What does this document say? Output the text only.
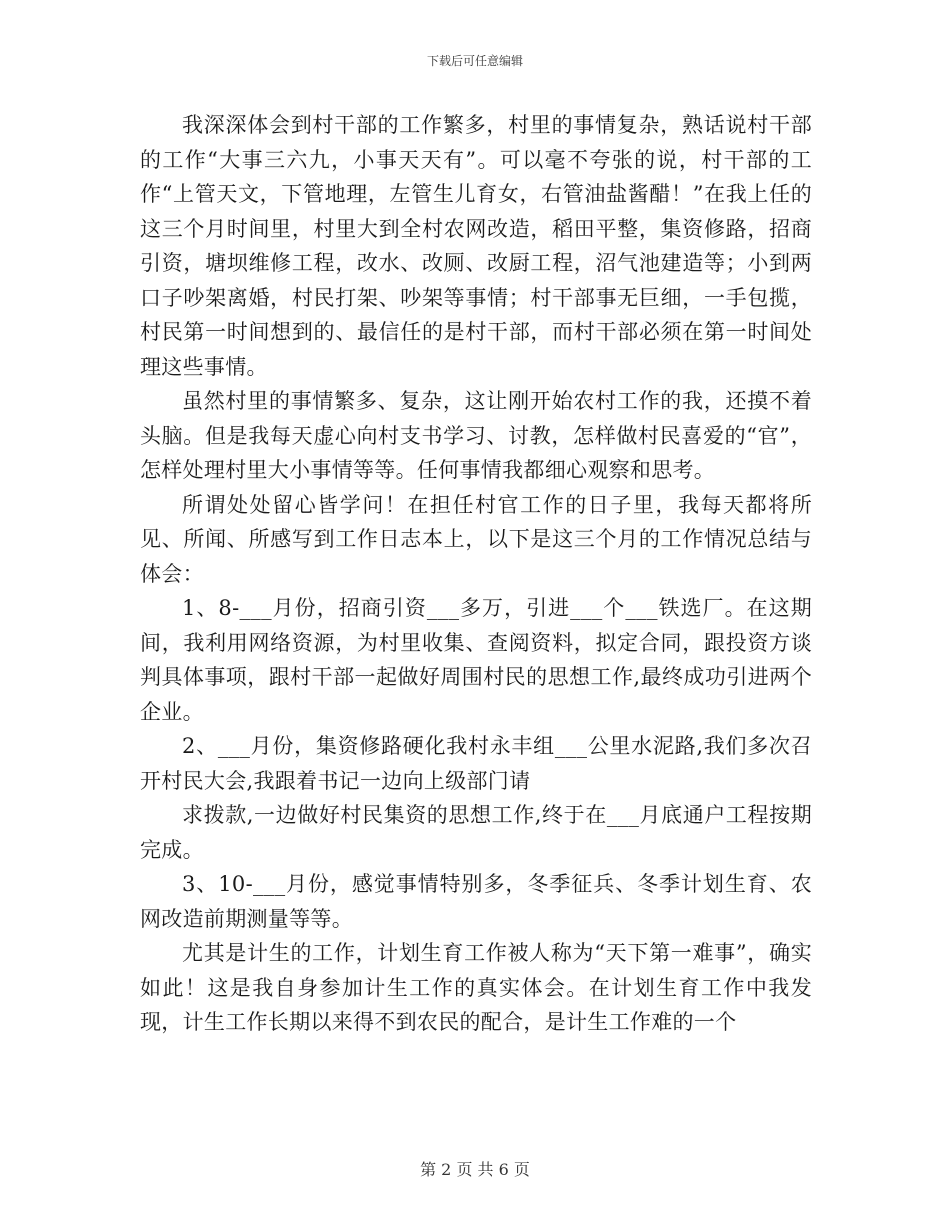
下载后可任意编辑

我深深体会到村干部的工作繁多，村里的事情复杂，熟话说村干部的工作“大事三六九，小事天天有”。可以毫不夸张的说，村干部的工作“上管天文，下管地理，左管生儿育女，右管油盐酱醋！”在我上任的这三个月时间里，村里大到全村农网改造，稻田平整，集资修路，招商引资，塘坝维修工程，改水、改厕、改厨工程，沼气池建造等；小到两口子吵架离婚，村民打架、吵架等事情；村干部事无巨细，一手包揽，村民第一时间想到的、最信任的是村干部，而村干部必须在第一时间处理这些事情。

虽然村里的事情繁多、复杂，这让刚开始农村工作的我，还摸不着头脑。但是我每天虚心向村支书学习、讨教，怎样做村民喜爱的“官”，怎样处理村里大小事情等等。任何事情我都细心观察和思考。

所谓处处留心皆学问！在担任村官工作的日子里，我每天都将所见、所闻、所感写到工作日志本上，以下是这三个月的工作情况总结与体会：

1、8-___月份，招商引资___多万，引进___个___铁选厂。在这期间，我利用网络资源，为村里收集、查阅资料，拟定合同，跟投资方谈判具体事项，跟村干部一起做好周围村民的思想工作,最终成功引进两个企业。

2、___月份，集资修路硬化我村永丰组___公里水泥路,我们多次召开村民大会,我跟着书记一边向上级部门请

求拨款,一边做好村民集资的思想工作,终于在___月底通户工程按期完成。

3、10-___月份，感觉事情特别多，冬季征兵、冬季计划生育、农网改造前期测量等等。

尤其是计生的工作，计划生育工作被人称为“天下第一难事”，确实如此！这是我自身参加计生工作的真实体会。在计划生育工作中我发现，计生工作长期以来得不到农民的配合，是计生工作难的一个

第 2 页 共 6 页
